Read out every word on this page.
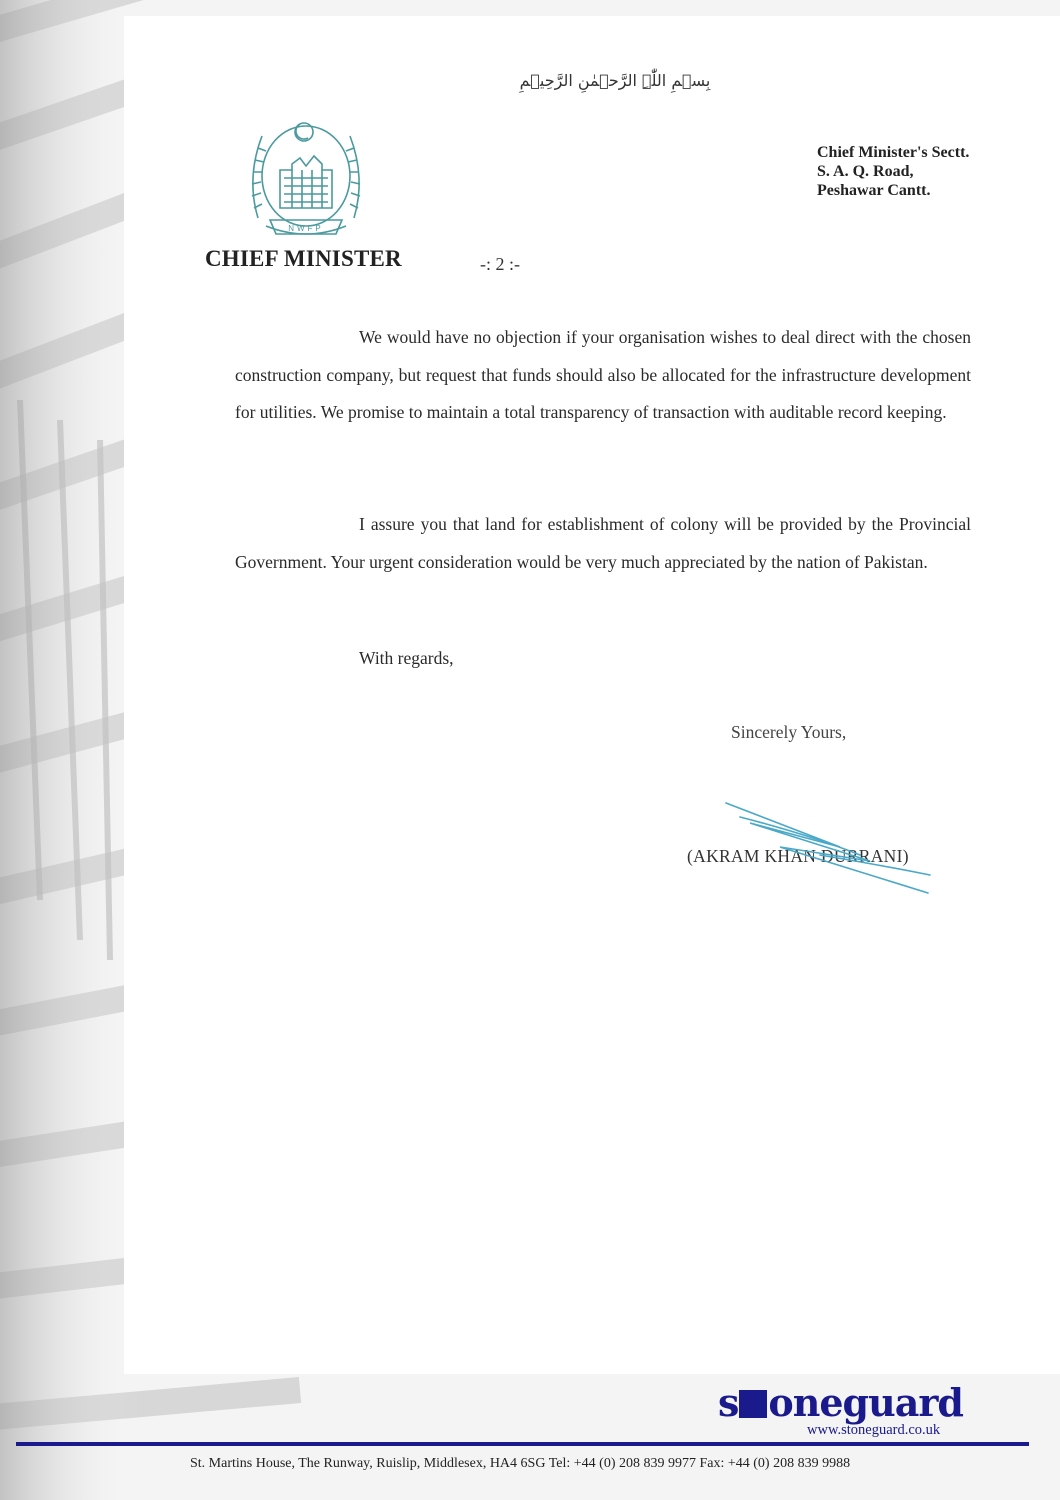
بِسۡمِ اللّٰہِ الرَّحۡمٰنِ الرَّحِیۡمِ
NWFP
CHIEF MINISTER	-: 2 :-
Chief Minister's Sectt.
S. A. Q. Road,
Peshawar Cantt.

We would have no objection if your organisation wishes to deal direct with the chosen construction company, but request that funds should also be allocated for the infrastructure development for utilities. We promise to maintain a total transparency of transaction with auditable record keeping.

I assure you that land for establishment of colony will be provided by the Provincial Government. Your urgent consideration would be very much appreciated by the nation of Pakistan.

With regards,
Sincerely Yours,
(AKRAM KHAN DURRANI)
s oneguard
www.stoneguard.co.uk
St. Martins House, The Runway, Ruislip, Middlesex, HA4 6SG Tel: +44 (0) 208 839 9977 Fax: +44 (0) 208 839 9988
